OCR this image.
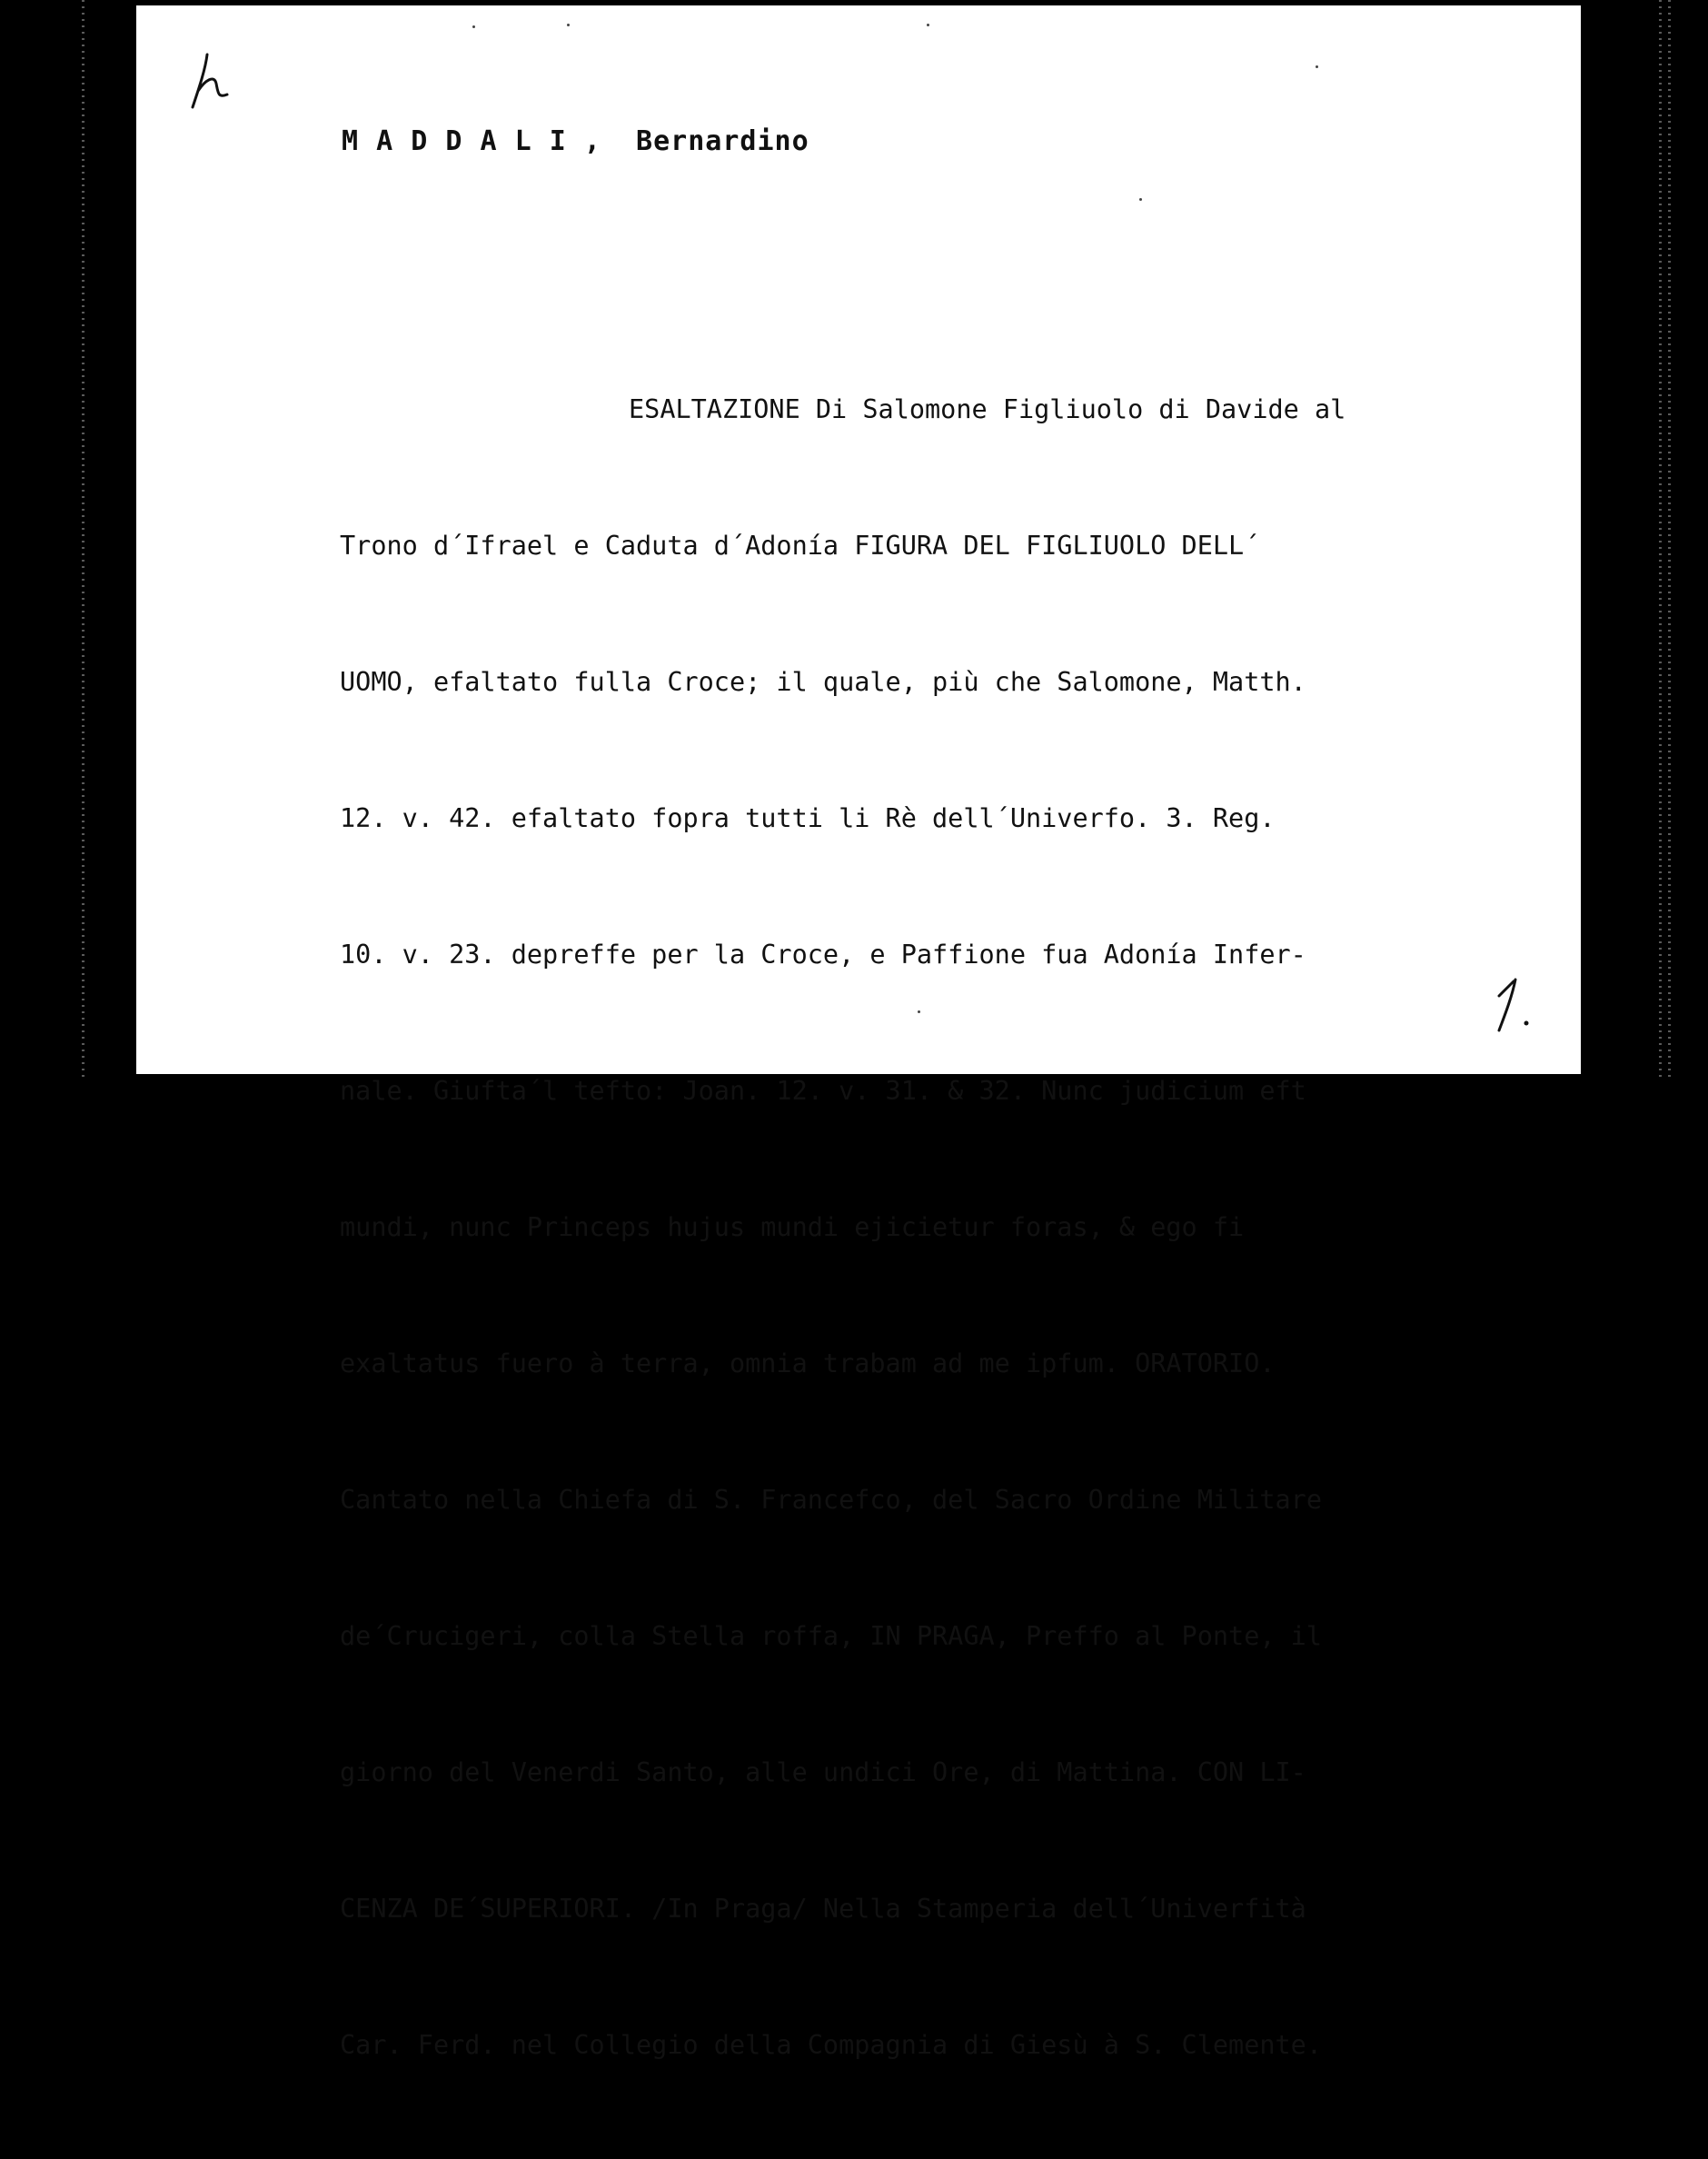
M A D D A L I ,  Bernardino

ESALTAZIONE Di Salomone Figliuolo di Davide al

Trono d´Ifrael e Caduta d´Adonía FIGURA DEL FIGLIUOLO DELL´

UOMO, efaltato fulla Croce; il quale, più che Salomone, Matth.

12. v. 42. efaltato fopra tutti li Rè dell´Univerfo. 3. Reg.

10. v. 23. depreffe per la Croce, e Paffione fua Adonía Infer-

nale. Giufta´l tefto: Joan. 12. v. 31. & 32. Nunc judicium eft

mundi, nunc Princeps hujus mundi ejicietur foras, & ego fi

exaltatus fuero à terra, omnia trabam ad me ipfum. ORATORIO.

Cantato nella Chiefa di S. Francefco, del Sacro Ordine Militare

de´Crucigeri, colla Stella roffa, IN PRAGA, Preffo al Ponte, il

giorno del Venerdi Santo, alle undici Ore, di Mattina. CON LI-

CENZA DE´SUPERIORI. /In Praga/ Nella Stamperia dell´Univerfità

Car. Ferd. nel Collegio della Compagnia di Giesù à S. Clemente.
